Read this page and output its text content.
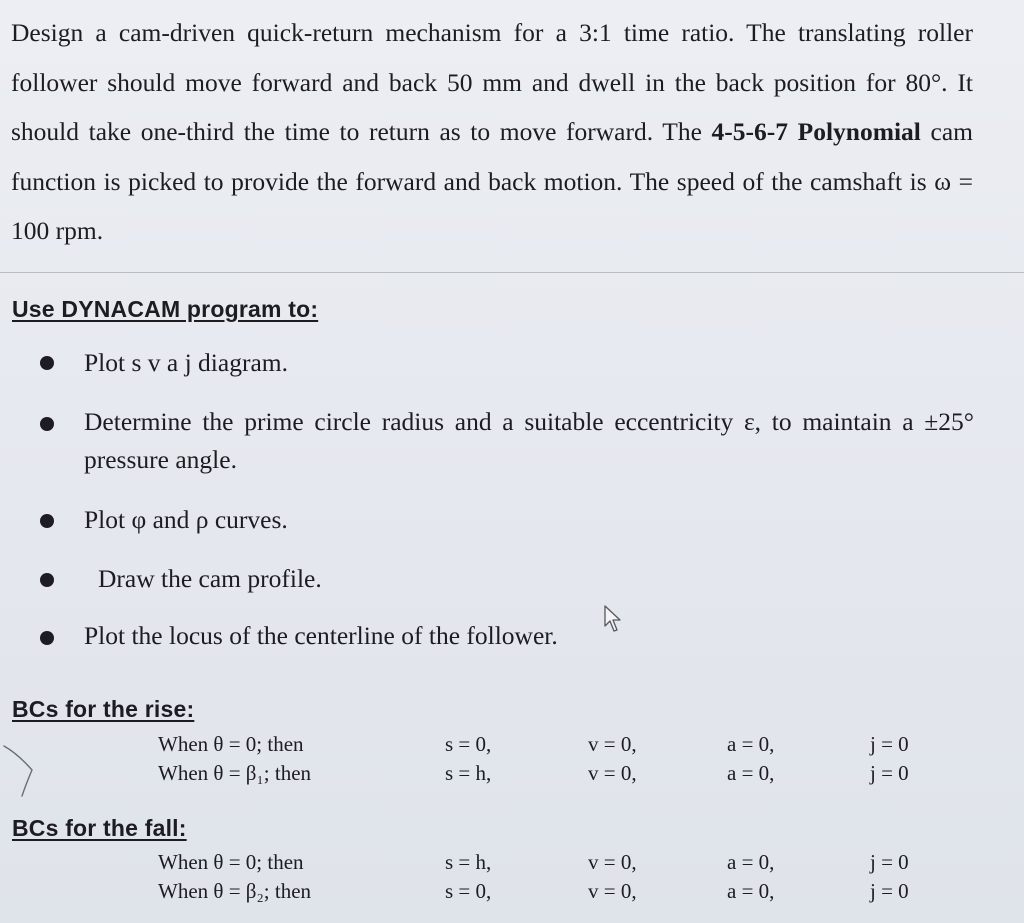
Design a cam-driven quick-return mechanism for a 3:1 time ratio. The translating roller follower should move forward and back 50 mm and dwell in the back position for 80°. It should take one-third the time to return as to move forward. The 4-5-6-7 Polynomial cam function is picked to provide the forward and back motion. The speed of the camshaft is ω = 100 rpm.

Use DYNACAM program to:

Plot s v a j diagram.

Determine the prime circle radius and a suitable eccentricity ε, to maintain a ±25° pressure angle.

Plot φ and ρ curves.

Draw the cam profile.

Plot the locus of the centerline of the follower.

BCs for the rise:
When θ = 0; then	s = 0,	v = 0,	a = 0,	j = 0
When θ = β₁; then	s = h,	v = 0,	a = 0,	j = 0
BCs for the fall:
When θ = 0; then	s = h,	v = 0,	a = 0,	j = 0
When θ = β₂; then	s = 0,	v = 0,	a = 0,	j = 0
